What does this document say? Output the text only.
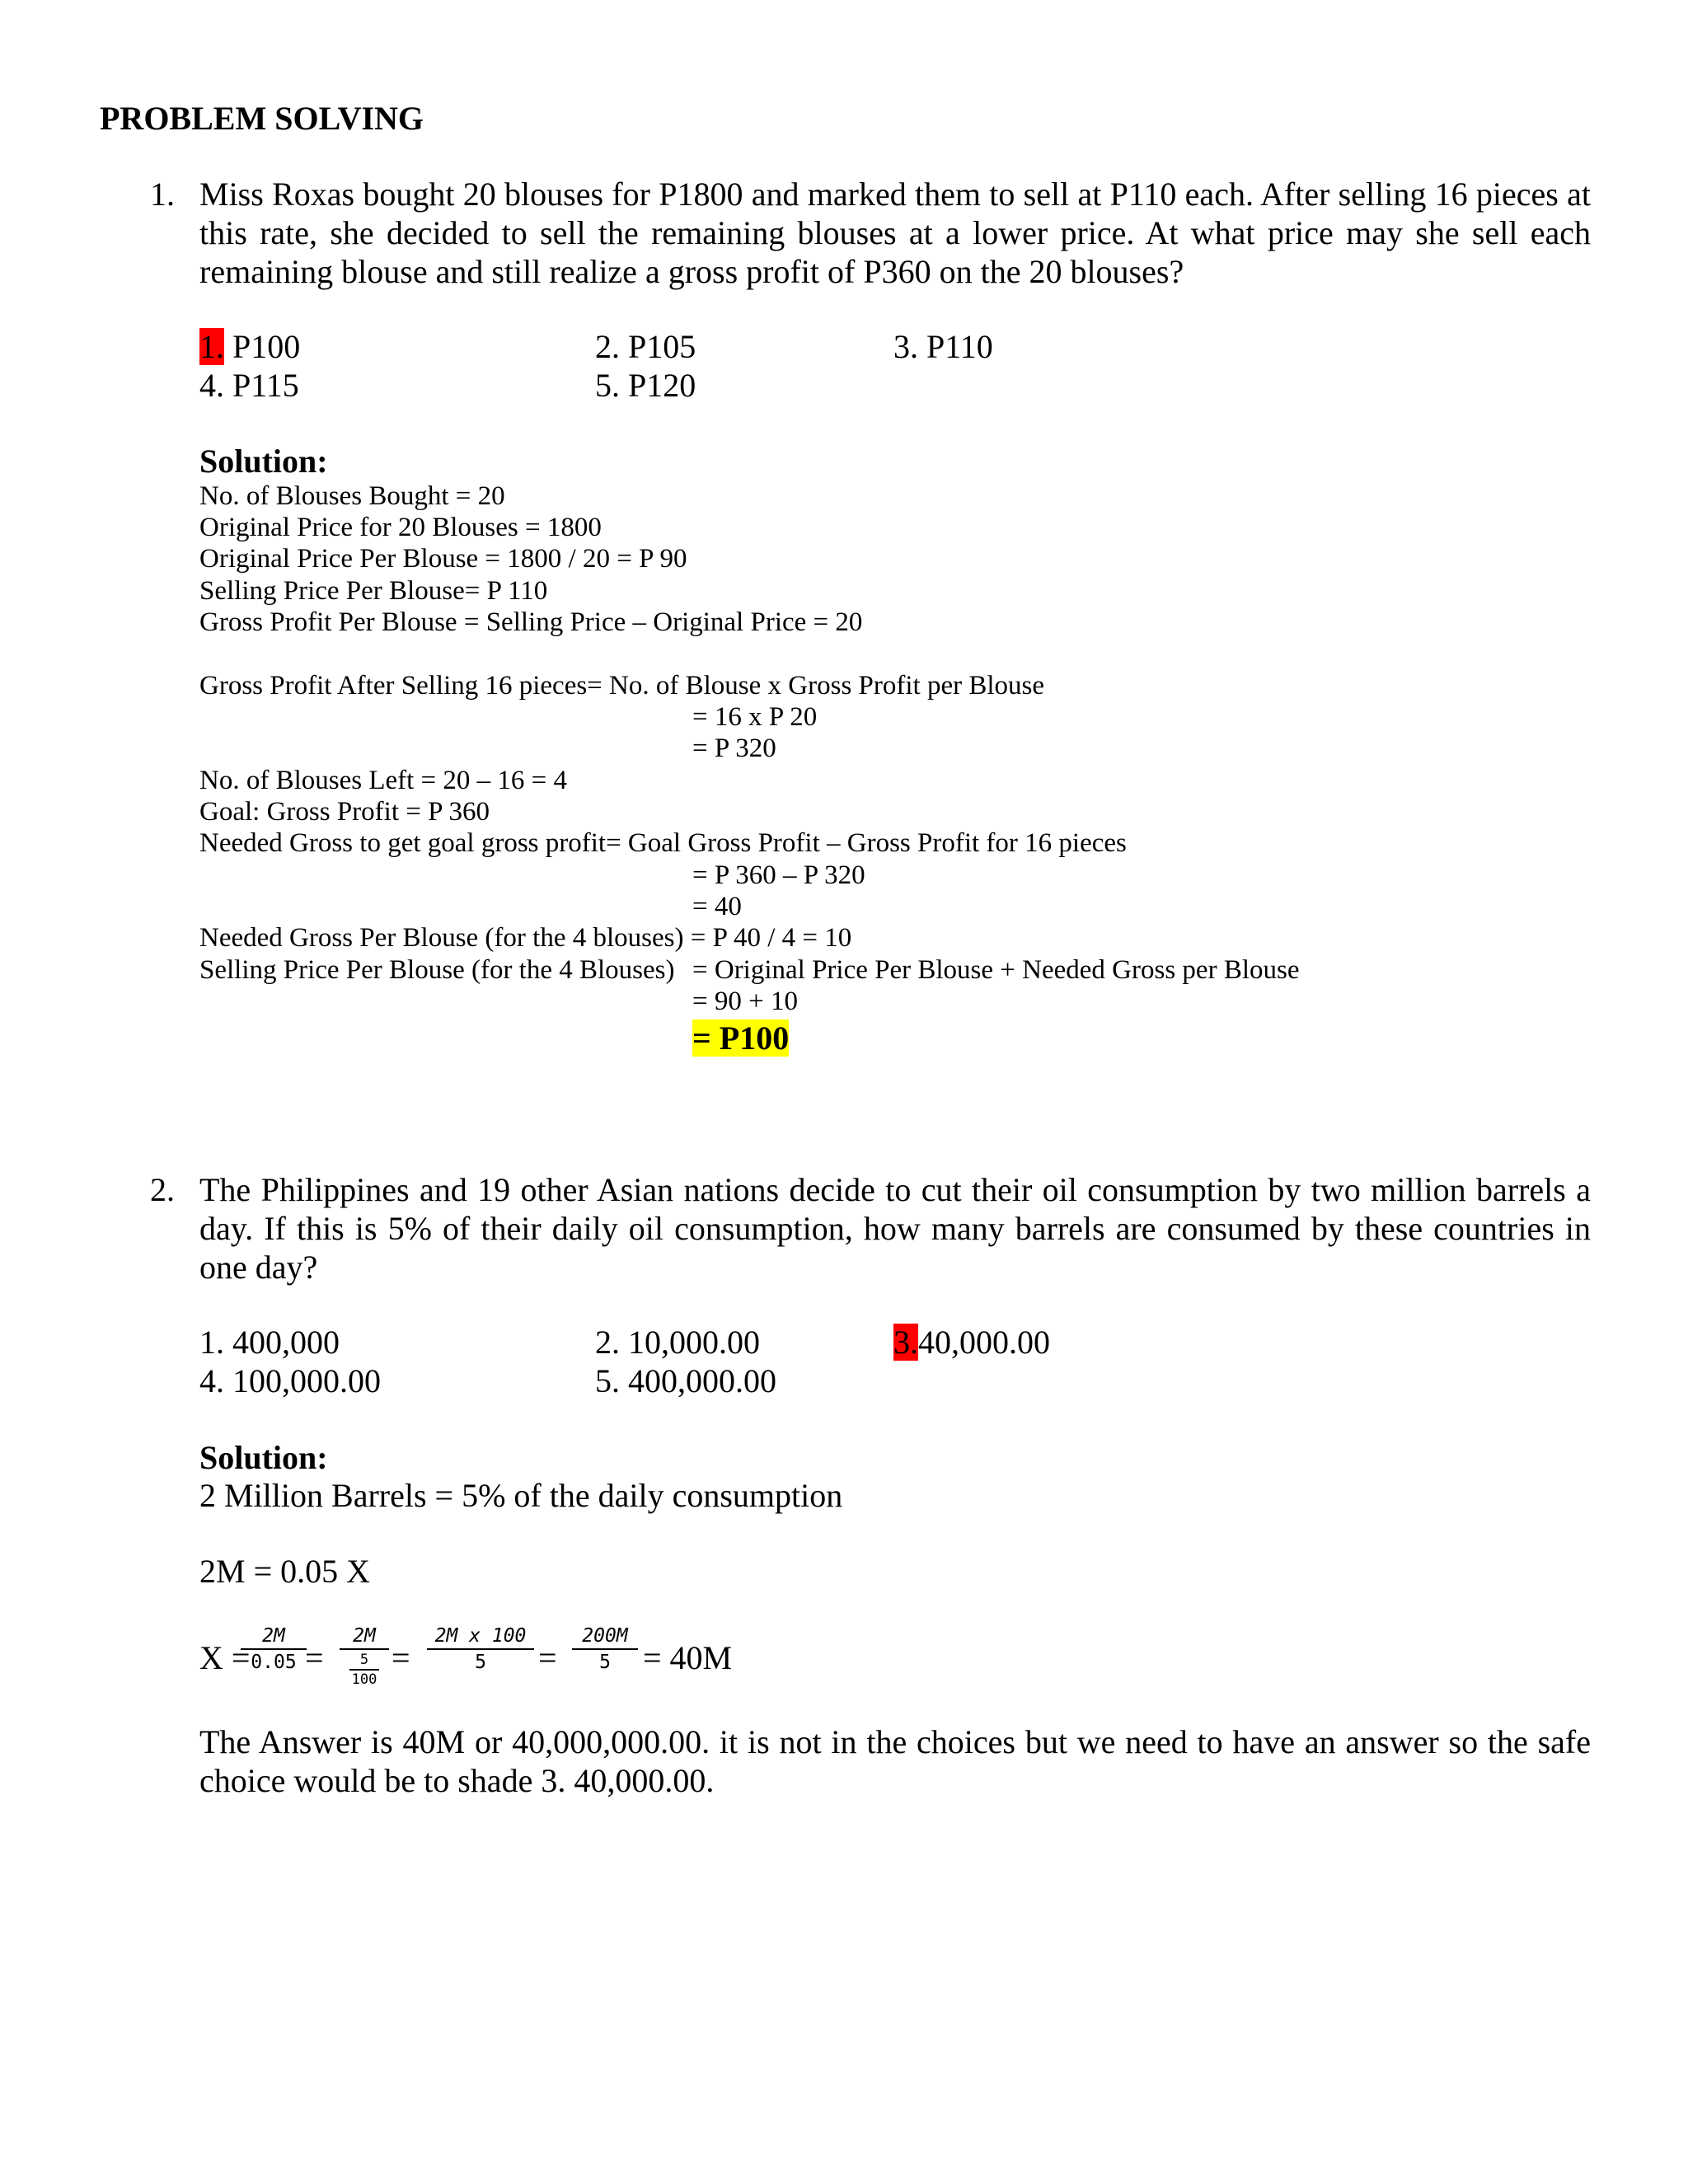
PROBLEM SOLVING
1. Miss Roxas bought 20 blouses for P1800 and marked them to sell at P110 each. After selling 16 pieces at this rate, she decided to sell the remaining blouses at a lower price. At what price may she sell each remaining blouse and still realize a gross profit of P360 on the 20 blouses?
1. P100	2. P105	3. P110
4. P115	5. P120
Solution:
No. of Blouses Bought = 20
Original Price for 20 Blouses = 1800
Original Price Per Blouse = 1800 / 20 = P 90
Selling Price Per Blouse= P 110
Gross Profit Per Blouse = Selling Price – Original Price = 20
Gross Profit After Selling 16 pieces= No. of Blouse x Gross Profit per Blouse
= 16 x P 20
= P 320
No. of Blouses Left = 20 – 16 = 4
Goal: Gross Profit = P 360
Needed Gross to get goal gross profit= Goal Gross Profit – Gross Profit for 16 pieces
= P 360 – P 320
= 40
Needed Gross Per Blouse (for the 4 blouses) = P 40 / 4 = 10
Selling Price Per Blouse (for the 4 Blouses) = Original Price Per Blouse + Needed Gross per Blouse
= 90 + 10
= P100
2. The Philippines and 19 other Asian nations decide to cut their oil consumption by two million barrels a day. If this is 5% of their daily oil consumption, how many barrels are consumed by these countries in one day?
1. 400,000	2. 10,000.00	3.40,000.00
4. 100,000.00	5. 400,000.00
Solution:
2 Million Barrels = 5% of the daily consumption
2M = 0.05 X
X =
2M
0.05 =
2M
5
100
=
2M x 100
5	=
200M
5 = 40M
The Answer is 40M or 40,000,000.00. it is not in the choices but we need to have an answer so the safe choice would be to shade 3. 40,000.00.
